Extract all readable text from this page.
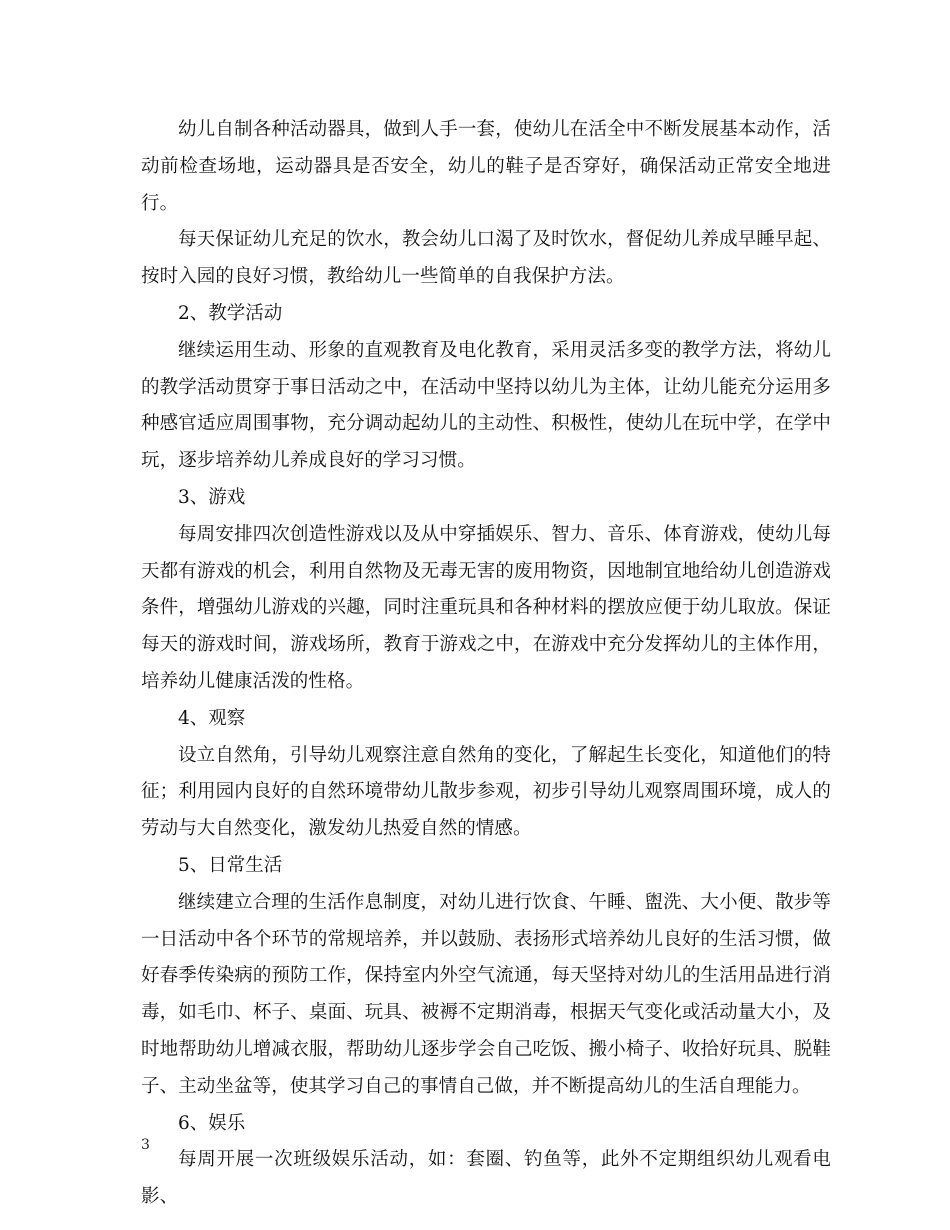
幼儿自制各种活动器具，做到人手一套，使幼儿在活全中不断发展基本动作，活动前检查场地，运动器具是否安全，幼儿的鞋子是否穿好，确保活动正常安全地进行。

每天保证幼儿充足的饮水，教会幼儿口渴了及时饮水，督促幼儿养成早睡早起、按时入园的良好习惯，教给幼儿一些简单的自我保护方法。

2、教学活动

继续运用生动、形象的直观教育及电化教育，采用灵活多变的教学方法，将幼儿的教学活动贯穿于事日活动之中，在活动中坚持以幼儿为主体，让幼儿能充分运用多种感官适应周围事物，充分调动起幼儿的主动性、积极性，使幼儿在玩中学，在学中玩，逐步培养幼儿养成良好的学习习惯。

3、游戏

每周安排四次创造性游戏以及从中穿插娱乐、智力、音乐、体育游戏，使幼儿每天都有游戏的机会，利用自然物及无毒无害的废用物资，因地制宜地给幼儿创造游戏条件，增强幼儿游戏的兴趣，同时注重玩具和各种材料的摆放应便于幼儿取放。保证每天的游戏时间，游戏场所，教育于游戏之中，在游戏中充分发挥幼儿的主体作用，培养幼儿健康活泼的性格。

4、观察

设立自然角，引导幼儿观察注意自然角的变化，了解起生长变化，知道他们的特征；利用园内良好的自然环境带幼儿散步参观，初步引导幼儿观察周围环境，成人的劳动与大自然变化，激发幼儿热爱自然的情感。

5、日常生活

继续建立合理的生活作息制度，对幼儿进行饮食、午睡、盥洗、大小便、散步等一日活动中各个环节的常规培养，并以鼓励、表扬形式培养幼儿良好的生活习惯，做好春季传染病的预防工作，保持室内外空气流通，每天坚持对幼儿的生活用品进行消毒，如毛巾、杯子、桌面、玩具、被褥不定期消毒，根据天气变化或活动量大小，及时地帮助幼儿增减衣服，帮助幼儿逐步学会自己吃饭、搬小椅子、收拾好玩具、脱鞋子、主动坐盆等，使其学习自己的事情自己做，并不断提高幼儿的生活自理能力。

6、娱乐

每周开展一次班级娱乐活动，如：套圈、钓鱼等，此外不定期组织幼儿观看电影、

3
